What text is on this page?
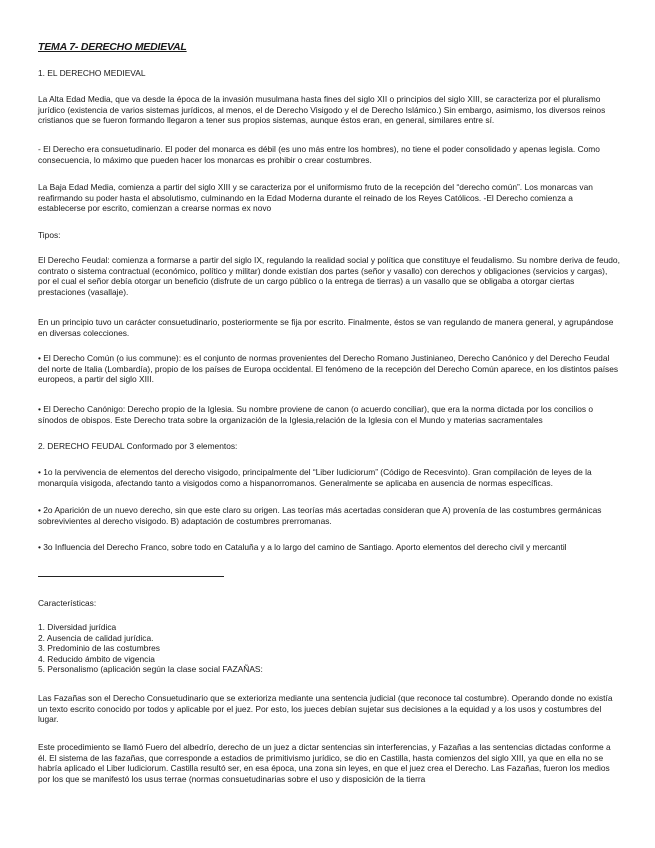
TEMA 7- DERECHO MEDIEVAL

1. EL DERECHO MEDIEVAL

La Alta Edad Media, que va desde la época de la invasión musulmana hasta fines del siglo XII o principios del siglo XIII, se caracteriza por el pluralismo jurídico (existencia de varios sistemas jurídicos, al menos, el de Derecho Visigodo y el de Derecho Islámico.) Sin embargo, asimismo, los diversos reinos cristianos que se fueron formando llegaron a tener sus propios sistemas, aunque éstos eran, en general, similares entre sí.

- El Derecho era consuetudinario. El poder del monarca es débil (es uno más entre los hombres), no tiene el poder consolidado y apenas legisla. Como consecuencia, lo máximo que pueden hacer los monarcas es prohibir o crear costumbres.

La Baja Edad Media, comienza a partir del siglo XIII y se caracteriza por el uniformismo fruto de la recepción del “derecho común”. Los monarcas van reafirmando su poder hasta el absolutismo, culminando en la Edad Moderna durante el reinado de los Reyes Católicos. -El Derecho comienza a establecerse por escrito, comienzan a crearse normas ex novo

Tipos:

El Derecho Feudal: comienza a formarse a partir del siglo IX, regulando la realidad social y política que constituye el feudalismo. Su nombre deriva de feudo, contrato o sistema contractual (económico, político y militar) donde existían dos partes (señor y vasallo) con derechos y obligaciones (servicios y cargas), por el cual el señor debía otorgar un beneficio (disfrute de un cargo público o la entrega de tierras) a un vasallo que se obligaba a otorgar ciertas prestaciones (vasallaje).

En un principio tuvo un carácter consuetudinario, posteriormente se fija por escrito. Finalmente, éstos se van regulando de manera general, y agrupándose en diversas colecciones.

• El Derecho Común (o ius commune): es el conjunto de normas provenientes del Derecho Romano Justinianeo, Derecho Canónico y del Derecho Feudal del norte de Italia (Lombardía), propio de los países de Europa occidental. El fenómeno de la recepción del Derecho Común aparece, en los distintos países europeos, a partir del siglo XIII.

• El Derecho Canónigo: Derecho propio de la Iglesia. Su nombre proviene de canon (o acuerdo conciliar), que era la norma dictada por los concilios o sínodos de obispos. Este Derecho trata sobre la organización de la Iglesia,relación de la Iglesia con el Mundo y materias sacramentales

2. DERECHO FEUDAL Conformado por 3 elementos:

• 1o la pervivencia de elementos del derecho visigodo, principalmente del “Liber Iudiciorum” (Código de Recesvinto). Gran compilación de leyes de la monarquía visigoda, afectando tanto a visigodos como a hispanorromanos. Generalmente se aplicaba en ausencia de normas específicas.

• 2o Aparición de un nuevo derecho, sin que este claro su origen. Las teorías más acertadas consideran que A) provenía de las costumbres germánicas sobrevivientes al derecho visigodo. B) adaptación de costumbres prerromanas.

• 3o Influencia del Derecho Franco, sobre todo en Cataluña y a lo largo del camino de Santiago. Aporto elementos del derecho civil y mercantil

Características:

1. Diversidad jurídica
2. Ausencia de calidad jurídica.
3. Predominio de las costumbres
4. Reducido ámbito de vigencia
5. Personalismo (aplicación según la clase social FAZAÑAS:

Las Fazañas son el Derecho Consuetudinario que se exterioriza mediante una sentencia judicial (que reconoce tal costumbre). Operando donde no existía un texto escrito conocido por todos y aplicable por el juez. Por esto, los jueces debían sujetar sus decisiones a la equidad y a los usos y costumbres del lugar.

Este procedimiento se llamó Fuero del albedrío, derecho de un juez a dictar sentencias sin interferencias, y Fazañas a las sentencias dictadas conforme a él. El sistema de las fazañas, que corresponde a estadios de primitivismo jurídico, se dio en Castilla, hasta comienzos del siglo XIII, ya que en ella no se habría aplicado el Liber Iudiciorum. Castilla resultó ser, en esa época, una zona sin leyes, en que el juez crea el Derecho. Las Fazañas, fueron los medios por los que se manifestó los usus terrae (normas consuetudinarias sobre el uso y disposición de la tierra
